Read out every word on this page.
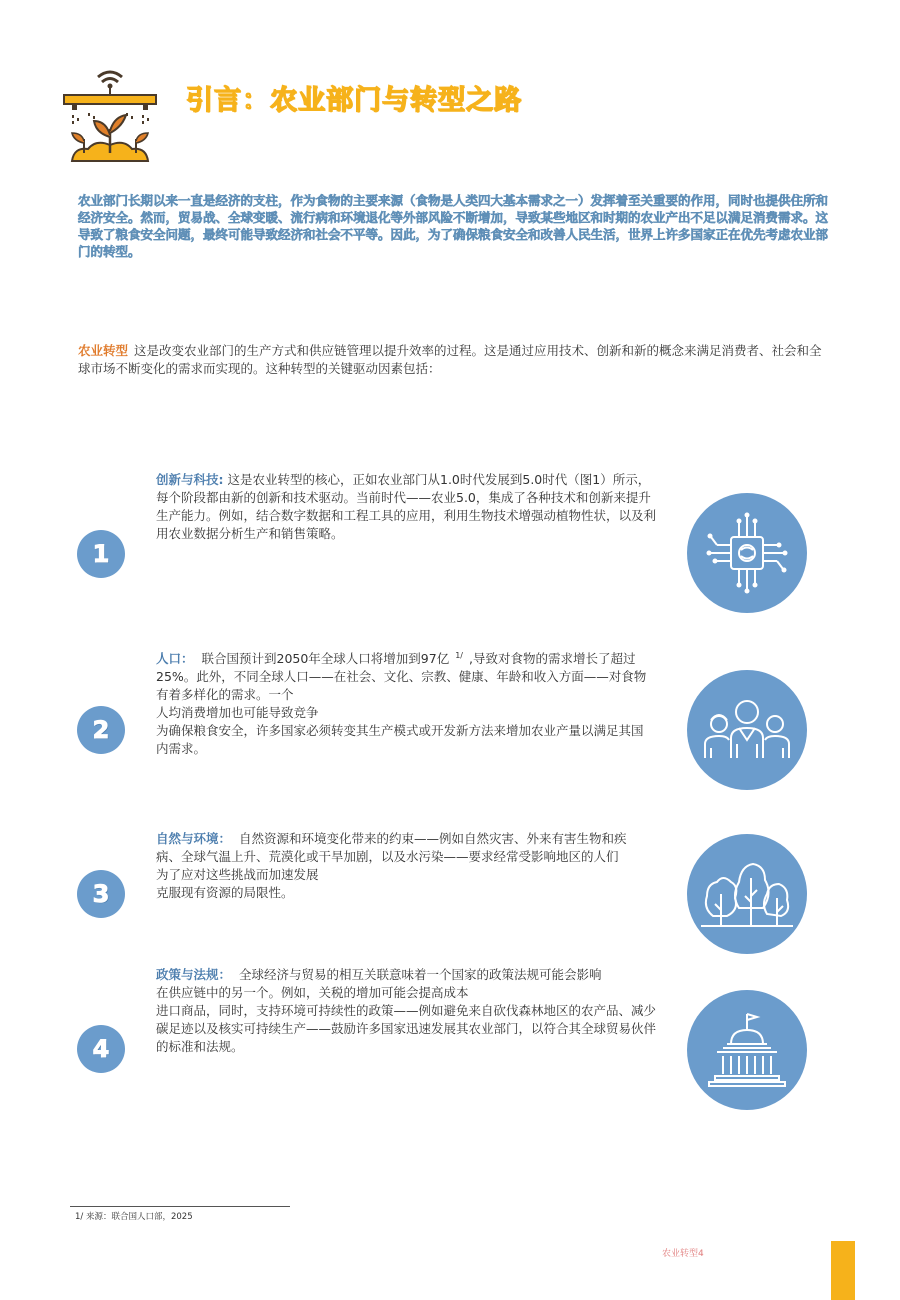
引言：农业部门与转型之路
农业部门长期以来一直是经济的支柱，作为食物的主要来源（食物是人类四大基本需求之一）发挥着至关重要的作用，同时也提供住所和经济安全。然而，贸易战、全球变暖、流行病和环境退化等外部风险不断增加，导致某些地区和时期的农业产出不足以满足消费需求。这导致了粮食安全问题，最终可能导致经济和社会不平等。因此，为了确保粮食安全和改善人民生活，世界上许多国家正在优先考虑农业部门的转型。
农业转型 这是改变农业部门的生产方式和供应链管理以提升效率的过程。这是通过应用技术、创新和新的概念来满足消费者、社会和全球市场不断变化的需求而实现的。这种转型的关键驱动因素包括：
1
创新与科技: 这是农业转型的核心，正如农业部门从1.0时代发展到5.0时代（图1）所示，每个阶段都由新的创新和技术驱动。当前时代——农业5.0，集成了各种技术和创新来提升生产能力。例如，结合数字数据和工程工具的应用，利用生物技术增强动植物性状，以及利用农业数据分析生产和销售策略。
2
人口： 联合国预计到2050年全球人口将增加到97亿 $^{1/}$ ,导致对食物的需求增长了超过25%。此外，不同全球人口——在社会、文化、宗教、健康、年龄和收入方面——对食物有着多样化的需求。一个
人均消费增加也可能导致竞争
为确保粮食安全，许多国家必须转变其生产模式或开发新方法来增加农业产量以满足其国内需求。
3
自然与环境： 自然资源和环境变化带来的约束——例如自然灾害、外来有害生物和疾病、全球气温上升、荒漠化或干旱加剧，以及水污染——要求经常受影响地区的人们
为了应对这些挑战而加速发展
克服现有资源的局限性。
4
政策与法规： 全球经济与贸易的相互关联意味着一个国家的政策法规可能会影响
在供应链中的另一个。例如，关税的增加可能会提高成本
进口商品，同时，支持环境可持续性的政策——例如避免来自砍伐森林地区的农产品、减少碳足迹以及核实可持续生产——鼓励许多国家迅速发展其农业部门，以符合其全球贸易伙伴的标准和法规。
1/ 来源：联合国人口部，2025
农业转型4
